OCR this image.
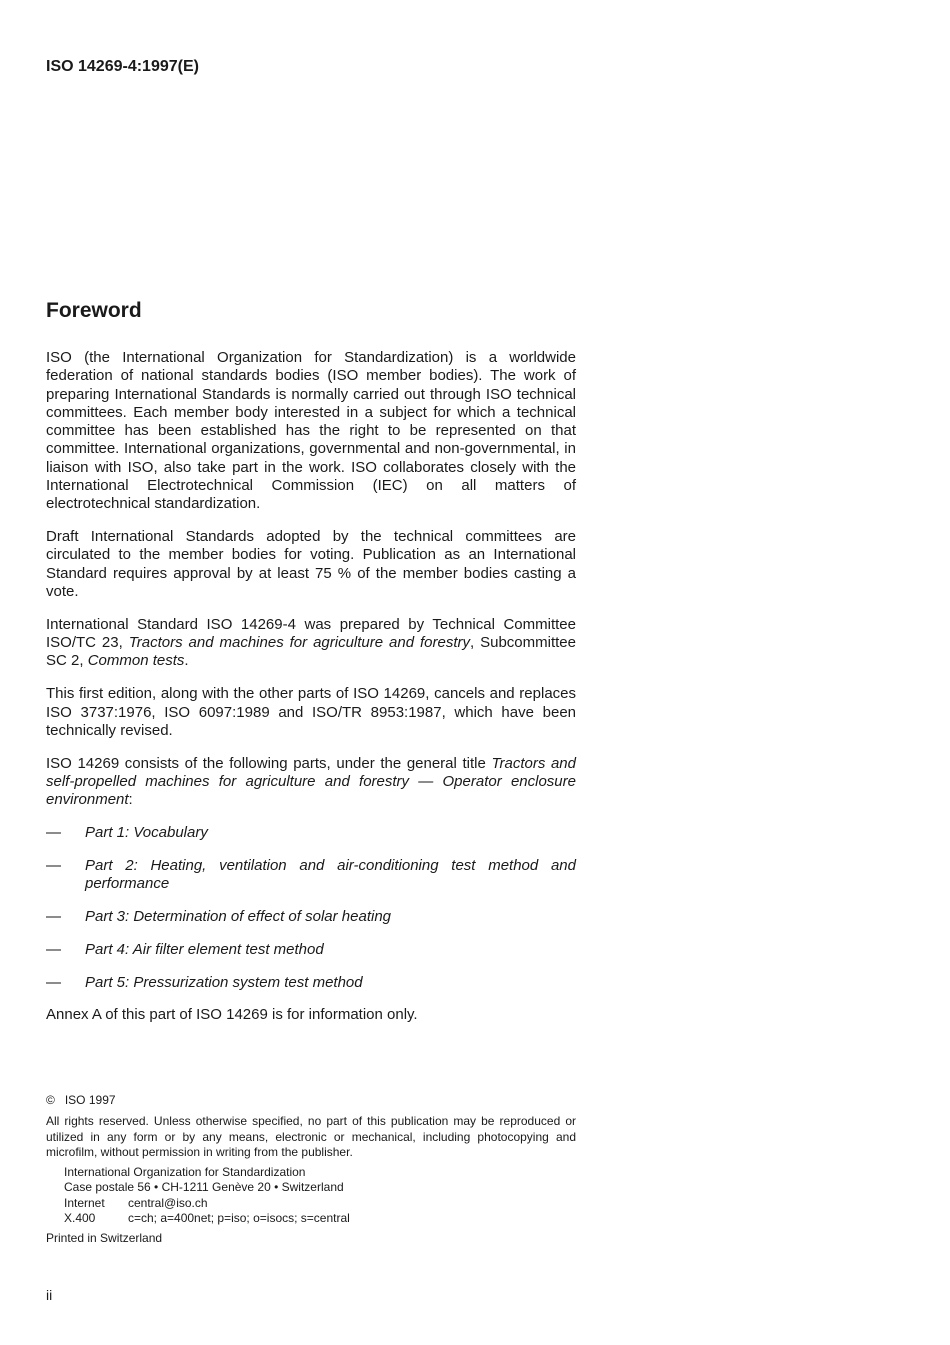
ISO 14269-4:1997(E)
Foreword

ISO (the International Organization for Standardization) is a worldwide federation of national standards bodies (ISO member bodies). The work of preparing International Standards is normally carried out through ISO technical committees. Each member body interested in a subject for which a technical committee has been established has the right to be represented on that committee. International organizations, governmental and non-governmental, in liaison with ISO, also take part in the work. ISO collaborates closely with the International Electrotechnical Commission (IEC) on all matters of electrotechnical standardization.

Draft International Standards adopted by the technical committees are circulated to the member bodies for voting. Publication as an International Standard requires approval by at least 75 % of the member bodies casting a vote.

International Standard ISO 14269-4 was prepared by Technical Committee ISO/TC 23, Tractors and machines for agriculture and forestry, Subcommittee SC 2, Common tests.

This first edition, along with the other parts of ISO 14269, cancels and replaces ISO 3737:1976, ISO 6097:1989 and ISO/TR 8953:1987, which have been technically revised.

ISO 14269 consists of the following parts, under the general title Tractors and self-propelled machines for agriculture and forestry — Operator enclosure environment:

—	Part 1: Vocabulary
—	Part 2: Heating, ventilation and air-conditioning test method and performance
—	Part 3: Determination of effect of solar heating
—	Part 4: Air filter element test method
—	Part 5: Pressurization system test method

Annex A of this part of ISO 14269 is for information only.

© ISO 1997

All rights reserved. Unless otherwise specified, no part of this publication may be reproduced or utilized in any form or by any means, electronic or mechanical, including photocopying and microfilm, without permission in writing from the publisher.

International Organization for Standardization
Case postale 56 • CH-1211 Genève 20 • Switzerland
Internet	central@iso.ch
X.400	c=ch; a=400net; p=iso; o=isocs; s=central

Printed in Switzerland

ii
